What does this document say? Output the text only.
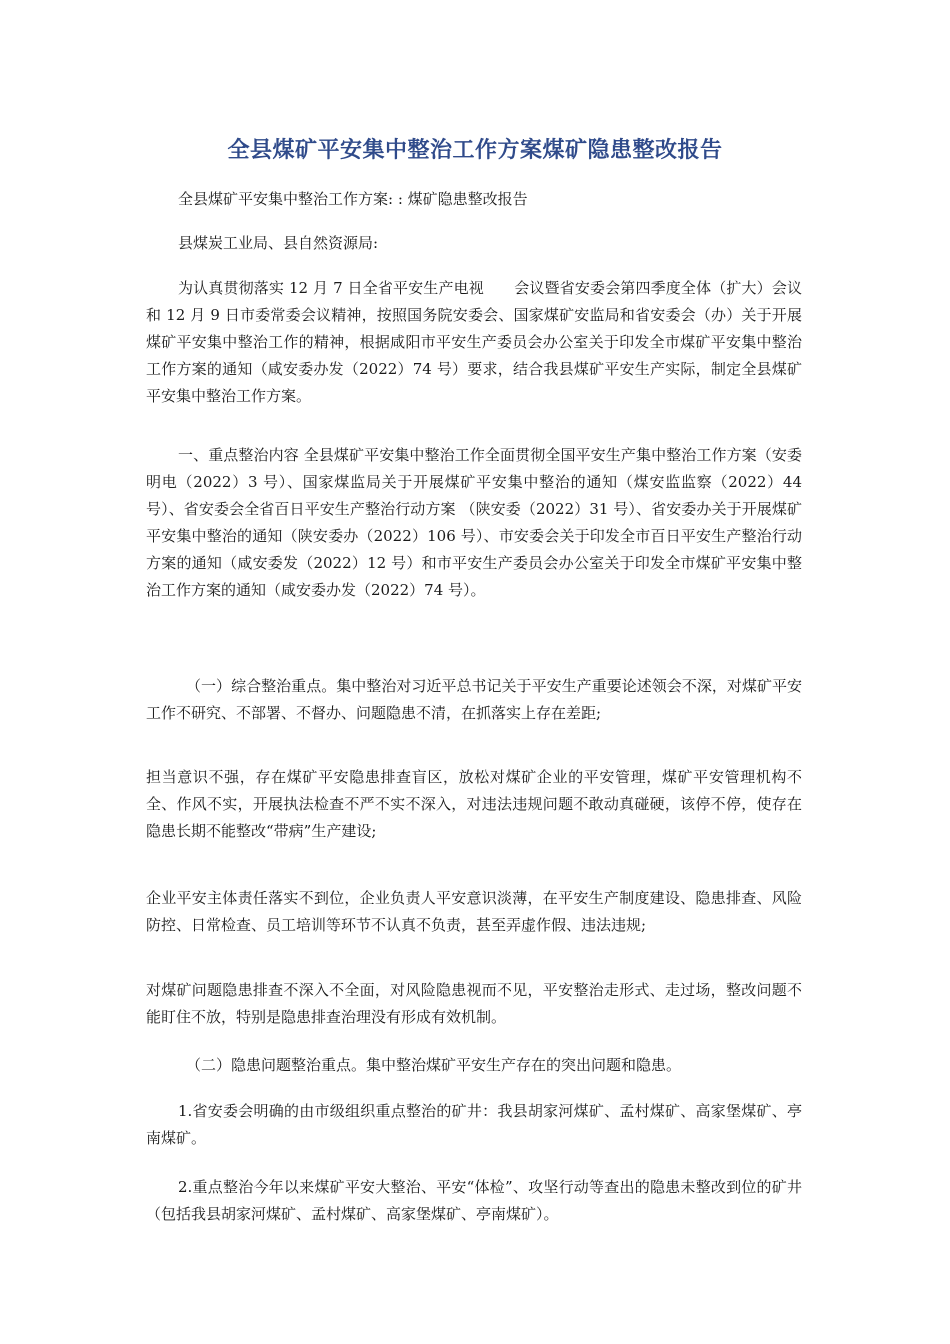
全县煤矿平安集中整治工作方案煤矿隐患整改报告

全县煤矿平安集中整治工作方案: : 煤矿隐患整改报告

县煤炭工业局、县自然资源局:

为认真贯彻落实 12 月 7 日全省平安生产电视　　会议暨省安委会第四季度全体（扩大）会议和 12 月 9 日市委常委会议精神，按照国务院安委会、国家煤矿安监局和省安委会（办）关于开展煤矿平安集中整治工作的精神，根据咸阳市平安生产委员会办公室关于印发全市煤矿平安集中整治工作方案的通知（咸安委办发（2022）74 号）要求，结合我县煤矿平安生产实际，制定全县煤矿平安集中整治工作方案。

一、重点整治内容 全县煤矿平安集中整治工作全面贯彻全国平安生产集中整治工作方案（安委明电（2022）3 号）、国家煤监局关于开展煤矿平安集中整治的通知（煤安监监察（2022）44 号）、省安委会全省百日平安生产整治行动方案 （陕安委（2022）31 号）、省安委办关于开展煤矿平安集中整治的通知（陕安委办（2022）106 号）、市安委会关于印发全市百日平安生产整治行动方案的通知（咸安委发（2022）12 号）和市平安生产委员会办公室关于印发全市煤矿平安集中整治工作方案的通知（咸安委办发（2022）74 号）。

（一）综合整治重点。集中整治对习近平总书记关于平安生产重要论述领会不深，对煤矿平安工作不研究、不部署、不督办、问题隐患不清，在抓落实上存在差距;

担当意识不强，存在煤矿平安隐患排查盲区，放松对煤矿企业的平安管理，煤矿平安管理机构不全、作风不实，开展执法检查不严不实不深入，对违法违规问题不敢动真碰硬，该停不停，使存在隐患长期不能整改“带病”生产建设;

企业平安主体责任落实不到位，企业负责人平安意识淡薄，在平安生产制度建设、隐患排查、风险防控、日常检查、员工培训等环节不认真不负责，甚至弄虚作假、违法违规;

对煤矿问题隐患排查不深入不全面，对风险隐患视而不见，平安整治走形式、走过场，整改问题不能盯住不放，特别是隐患排查治理没有形成有效机制。

（二）隐患问题整治重点。集中整治煤矿平安生产存在的突出问题和隐患。

1.省安委会明确的由市级组织重点整治的矿井：我县胡家河煤矿、孟村煤矿、高家堡煤矿、亭南煤矿。

2.重点整治今年以来煤矿平安大整治、平安“体检”、攻坚行动等查出的隐患未整改到位的矿井（包括我县胡家河煤矿、孟村煤矿、高家堡煤矿、亭南煤矿）。
